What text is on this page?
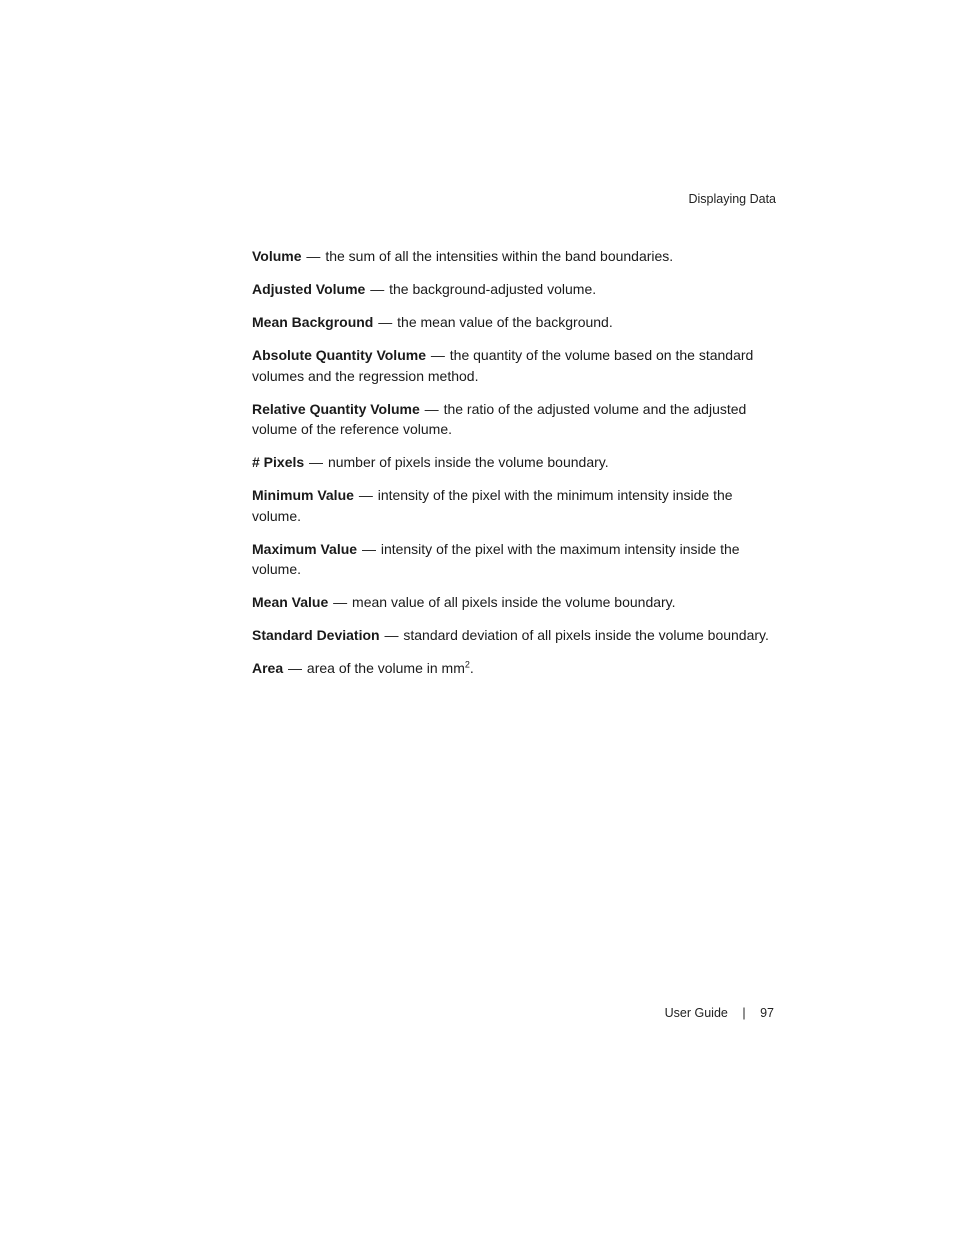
Displaying Data
Volume — the sum of all the intensities within the band boundaries.
Adjusted Volume — the background-adjusted volume.
Mean Background — the mean value of the background.
Absolute Quantity Volume — the quantity of the volume based on the standard volumes and the regression method.
Relative Quantity Volume — the ratio of the adjusted volume and the adjusted volume of the reference volume.
# Pixels — number of pixels inside the volume boundary.
Minimum Value — intensity of the pixel with the minimum intensity inside the volume.
Maximum Value — intensity of the pixel with the maximum intensity inside the volume.
Mean Value — mean value of all pixels inside the volume boundary.
Standard Deviation — standard deviation of all pixels inside the volume boundary.
Area — area of the volume in $mm^2$.
User Guide | 97
